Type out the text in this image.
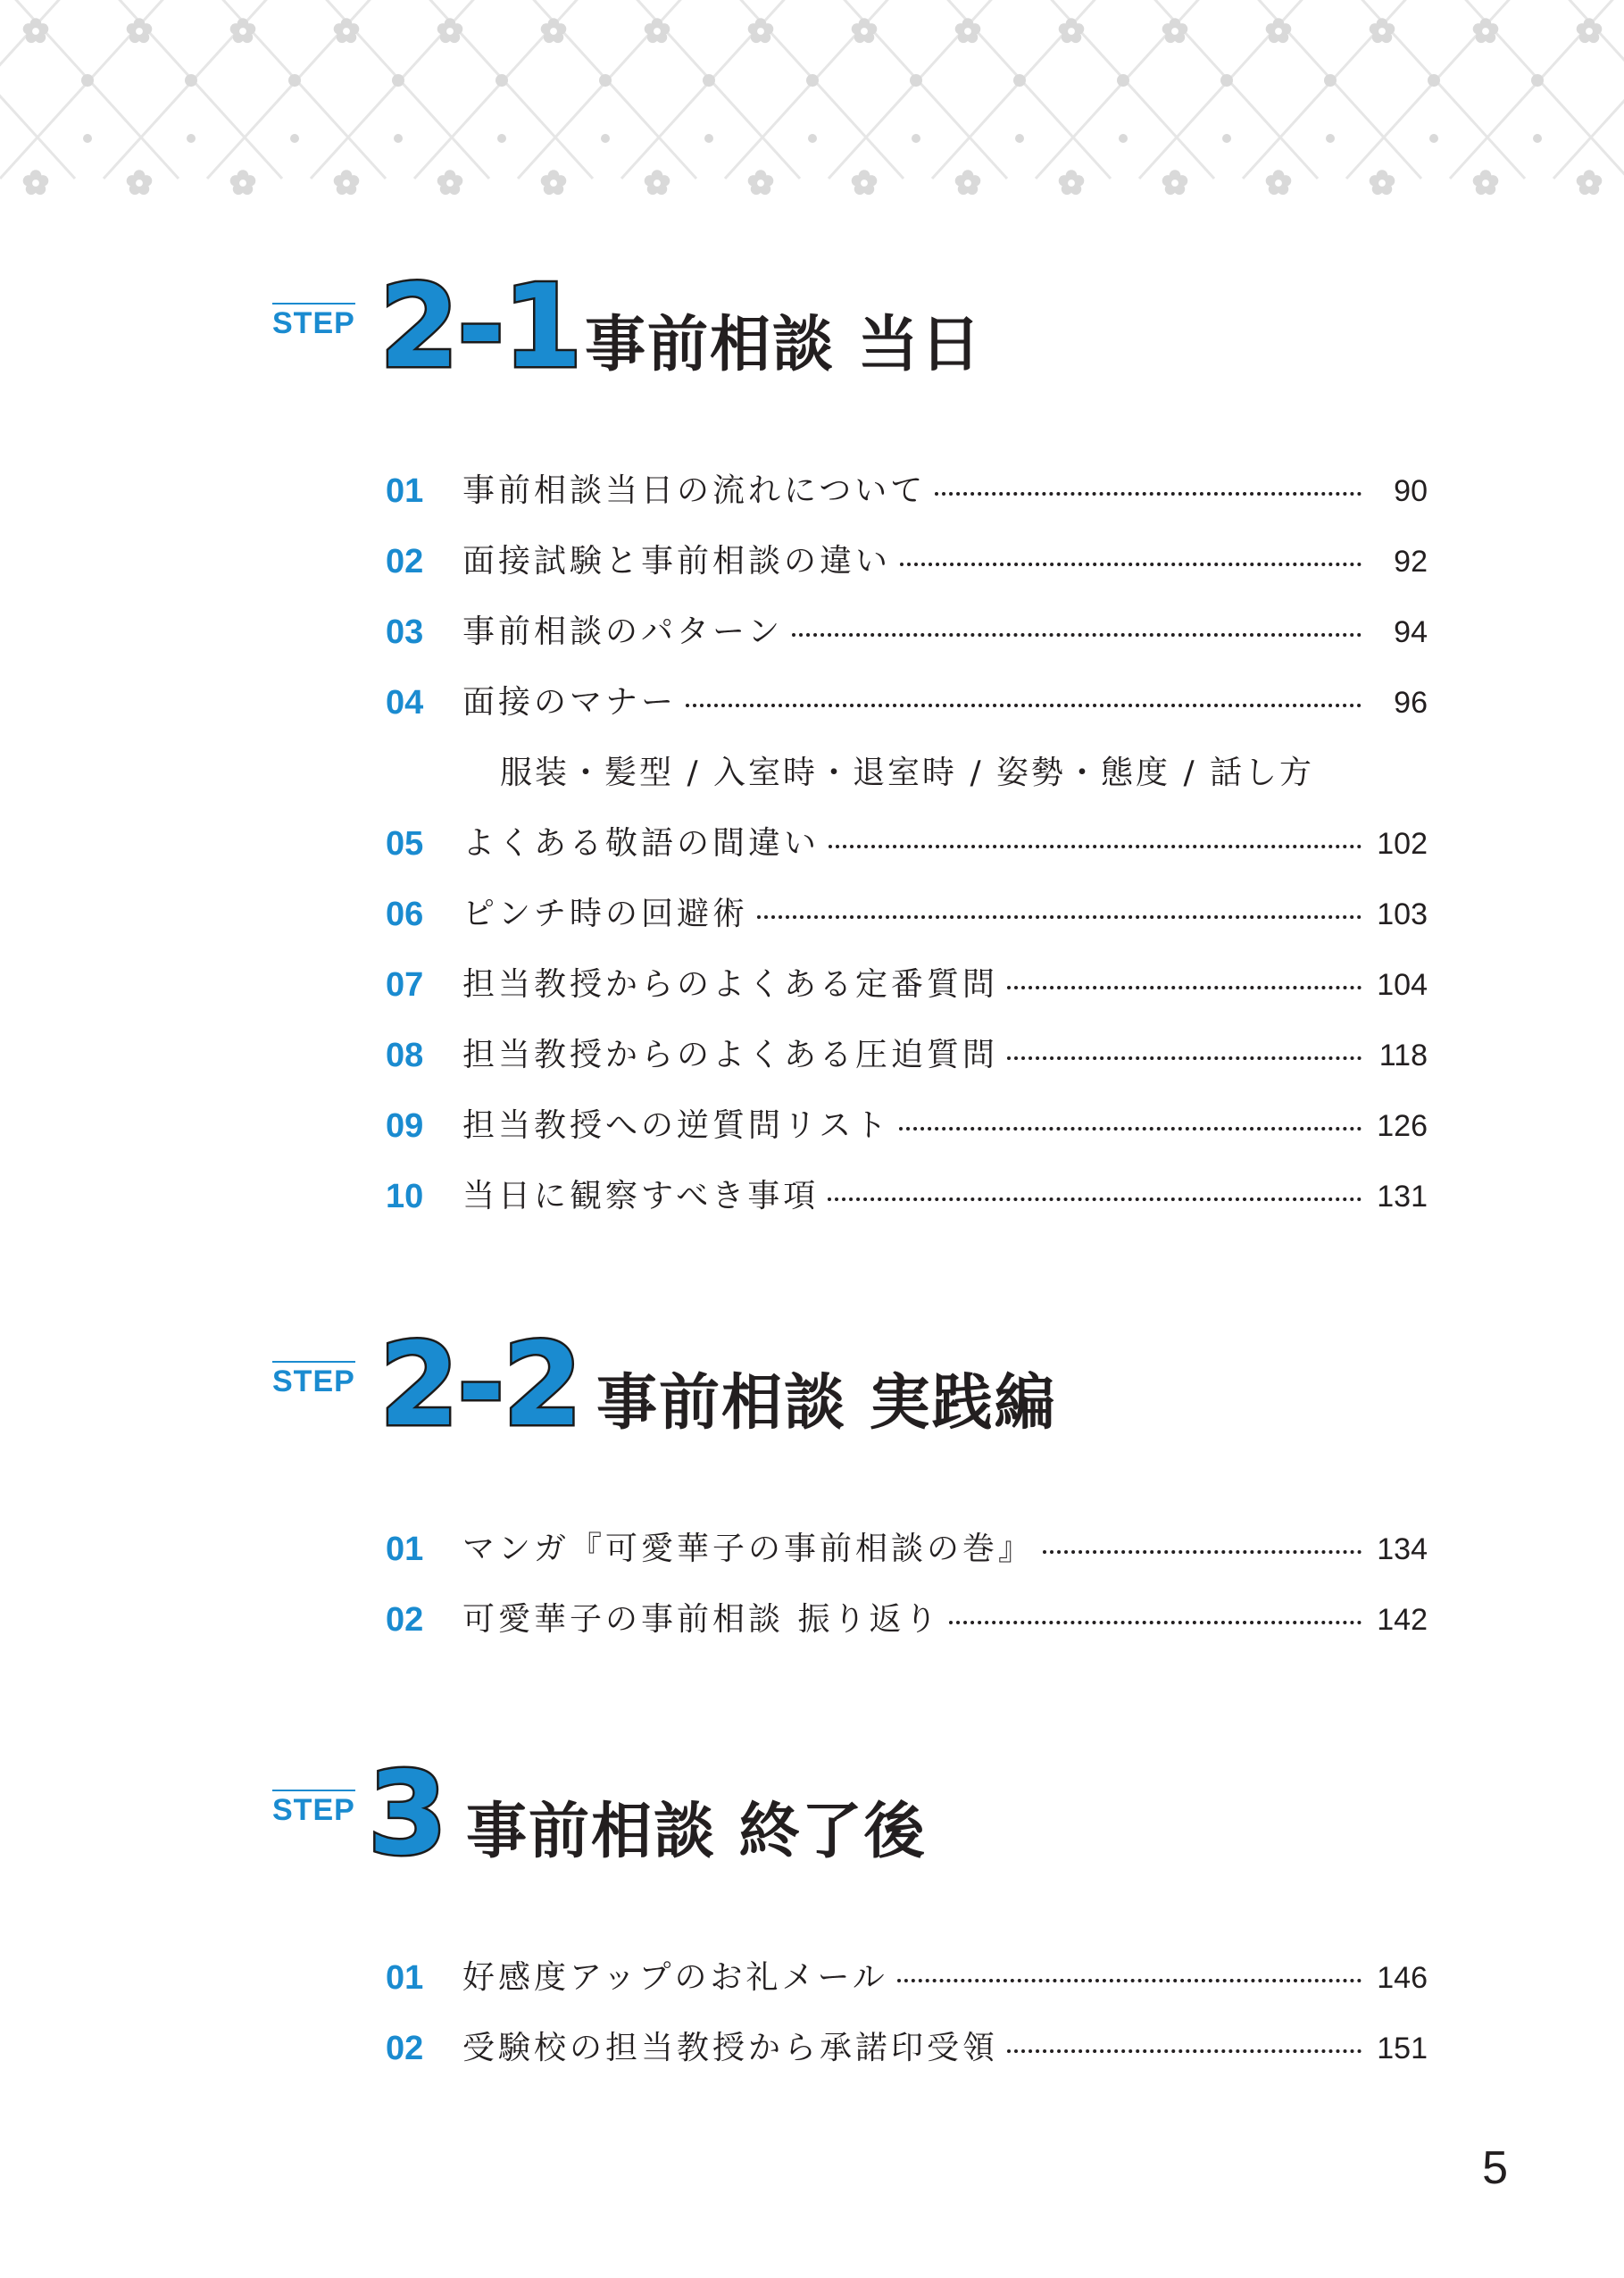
STEP 2-1 事前相談 当日
01 事前相談当日の流れについて	90
02 面接試験と事前相談の違い	92
03 事前相談のパターン	94
04 面接のマナー	96
服装・髪型 / 入室時・退室時 / 姿勢・態度 / 話し方
05 よくある敬語の間違い	102
06 ピンチ時の回避術	103
07 担当教授からのよくある定番質問	104
08 担当教授からのよくある圧迫質問	118
09 担当教授への逆質問リスト	126
10 当日に観察すべき事項	131
STEP 2-2 事前相談 実践編
01 マンガ『可愛華子の事前相談の巻』	134
02 可愛華子の事前相談 振り返り	142
STEP 3 事前相談 終了後
01 好感度アップのお礼メール	146
02 受験校の担当教授から承諾印受領	151
5
